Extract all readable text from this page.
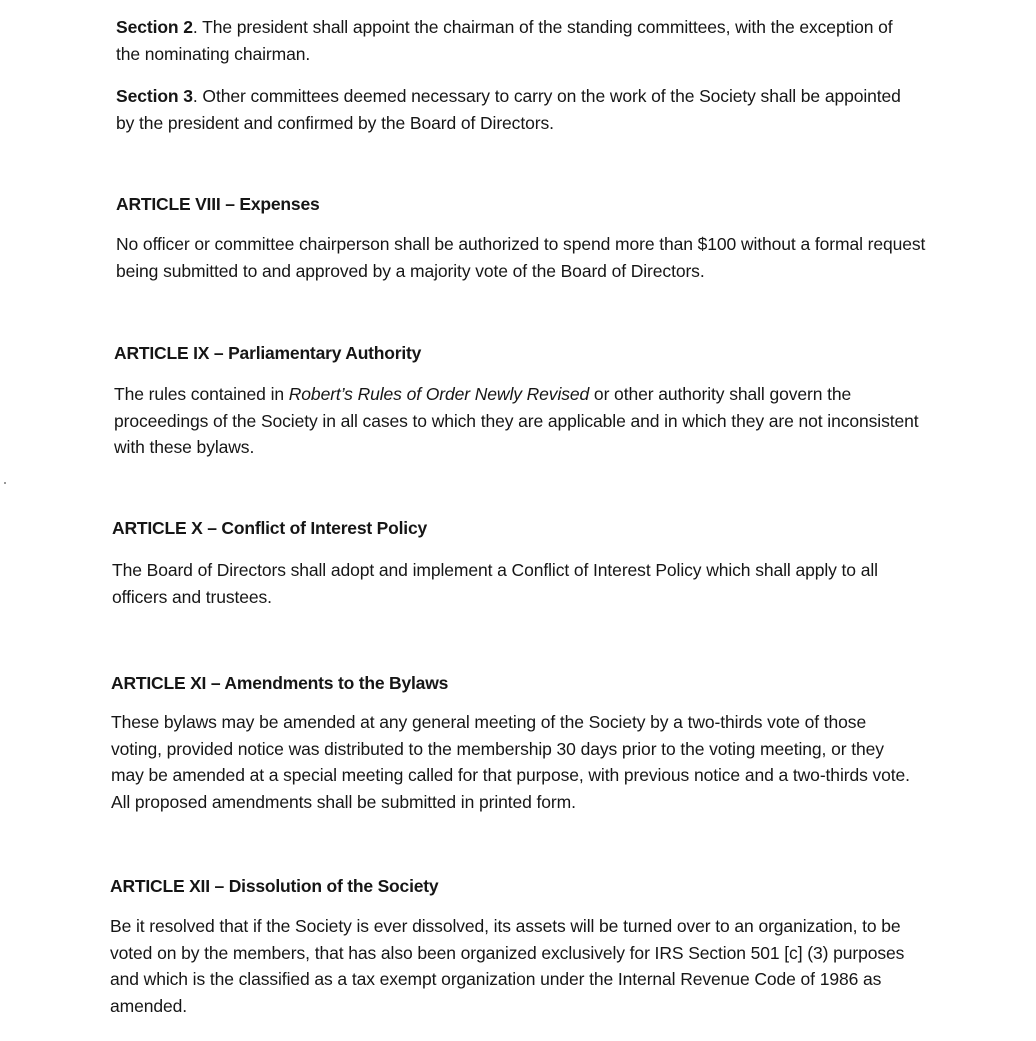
Section 2. The president shall appoint the chairman of the standing committees, with the exception of the nominating chairman.

Section 3. Other committees deemed necessary to carry on the work of the Society shall be appointed by the president and confirmed by the Board of Directors.

ARTICLE VIII – Expenses
No officer or committee chairperson shall be authorized to spend more than $100 without a formal request being submitted to and approved by a majority vote of the Board of Directors.
ARTICLE IX – Parliamentary Authority

The rules contained in Robert’s Rules of Order Newly Revised or other authority shall govern the proceedings of the Society in all cases to which they are applicable and in which they are not inconsistent with these bylaws.

ARTICLE X – Conflict of Interest Policy
The Board of Directors shall adopt and implement a Conflict of Interest Policy which shall apply to all officers and trustees.
ARTICLE XI – Amendments to the Bylaws
These bylaws may be amended at any general meeting of the Society by a two-thirds vote of those voting, provided notice was distributed to the membership 30 days prior to the voting meeting, or they may be amended at a special meeting called for that purpose, with previous notice and a two-thirds vote. All proposed amendments shall be submitted in printed form.
ARTICLE XII – Dissolution of the Society
Be it resolved that if the Society is ever dissolved, its assets will be turned over to an organization, to be voted on by the members, that has also been organized exclusively for IRS Section 501 [c] (3) purposes and which is the classified as a tax exempt organization under the Internal Revenue Code of 1986 as amended.
